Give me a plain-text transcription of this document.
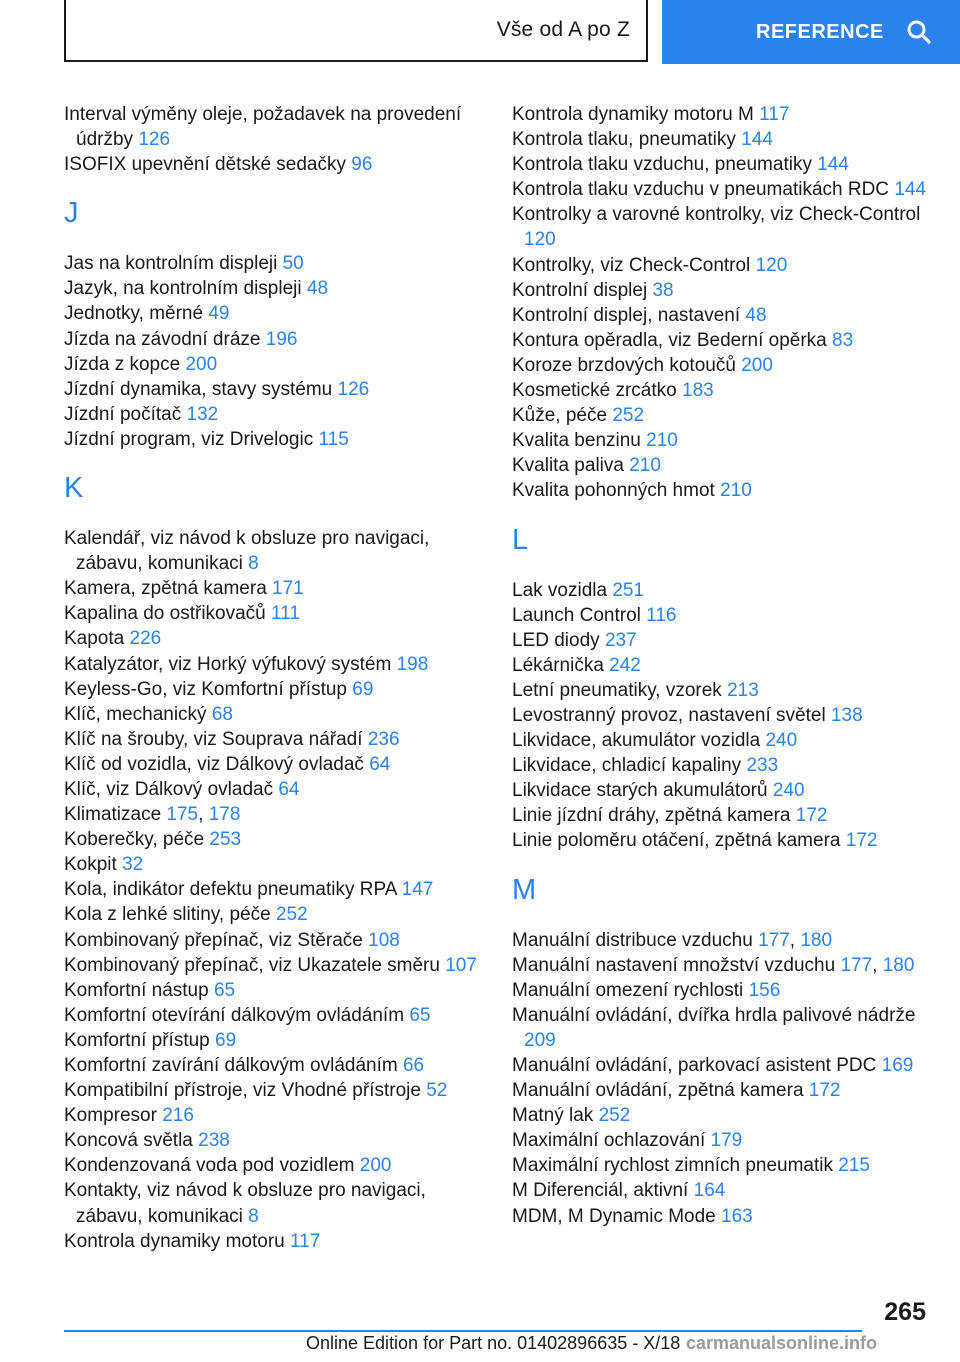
Vše od A po Z	REFERENCE
Interval výměny oleje, požadavek na provedení údržby 126
ISOFIX upevnění dětské sedačky 96
J
Jas na kontrolním displeji 50
Jazyk, na kontrolním displeji 48
Jednotky, měrné 49
Jízda na závodní dráze 196
Jízda z kopce 200
Jízdní dynamika, stavy systému 126
Jízdní počítač 132
Jízdní program, viz Drivelogic 115
K
Kalendář, viz návod k obsluze pro navigaci, zábavu, komunikaci 8
Kamera, zpětná kamera 171
Kapalina do ostřikovačů 111
Kapota 226
Katalyzátor, viz Horký výfukový systém 198
Keyless-Go, viz Komfortní přístup 69
Klíč, mechanický 68
Klíč na šrouby, viz Souprava nářadí 236
Klíč od vozidla, viz Dálkový ovladač 64
Klíč, viz Dálkový ovladač 64
Klimatizace 175, 178
Koberečky, péče 253
Kokpit 32
Kola, indikátor defektu pneumatiky RPA 147
Kola z lehké slitiny, péče 252
Kombinovaný přepínač, viz Stěrače 108
Kombinovaný přepínač, viz Ukazatele směru 107
Komfortní nástup 65
Komfortní otevírání dálkovým ovládáním 65
Komfortní přístup 69
Komfortní zavírání dálkovým ovládáním 66
Kompatibilní přístroje, viz Vhodné přístroje 52
Kompresor 216
Koncová světla 238
Kondenzovaná voda pod vozidlem 200
Kontakty, viz návod k obsluze pro navigaci, zábavu, komunikaci 8
Kontrola dynamiky motoru 117
Kontrola dynamiky motoru M 117
Kontrola tlaku, pneumatiky 144
Kontrola tlaku vzduchu, pneumatiky 144
Kontrola tlaku vzduchu v pneumatikách RDC 144
Kontrolky a varovné kontrolky, viz Check-Control 120
Kontrolky, viz Check-Control 120
Kontrolní displej 38
Kontrolní displej, nastavení 48
Kontura opěradla, viz Bederní opěrka 83
Koroze brzdových kotoučů 200
Kosmetické zrcátko 183
Kůže, péče 252
Kvalita benzinu 210
Kvalita paliva 210
Kvalita pohonných hmot 210
L
Lak vozidla 251
Launch Control 116
LED diody 237
Lékárnička 242
Letní pneumatiky, vzorek 213
Levostranný provoz, nastavení světel 138
Likvidace, akumulátor vozidla 240
Likvidace, chladicí kapaliny 233
Likvidace starých akumulátorů 240
Linie jízdní dráhy, zpětná kamera 172
Linie poloměru otáčení, zpětná kamera 172
M
Manuální distribuce vzduchu 177, 180
Manuální nastavení množství vzduchu 177, 180
Manuální omezení rychlosti 156
Manuální ovládání, dvířka hrdla palivové nádrže 209
Manuální ovládání, parkovací asistent PDC 169
Manuální ovládání, zpětná kamera 172
Matný lak 252
Maximální ochlazování 179
Maximální rychlost zimních pneumatik 215
M Diferenciál, aktivní 164
MDM, M Dynamic Mode 163
265
Online Edition for Part no. 01402896635 - X/18 carmanualsonline.info
